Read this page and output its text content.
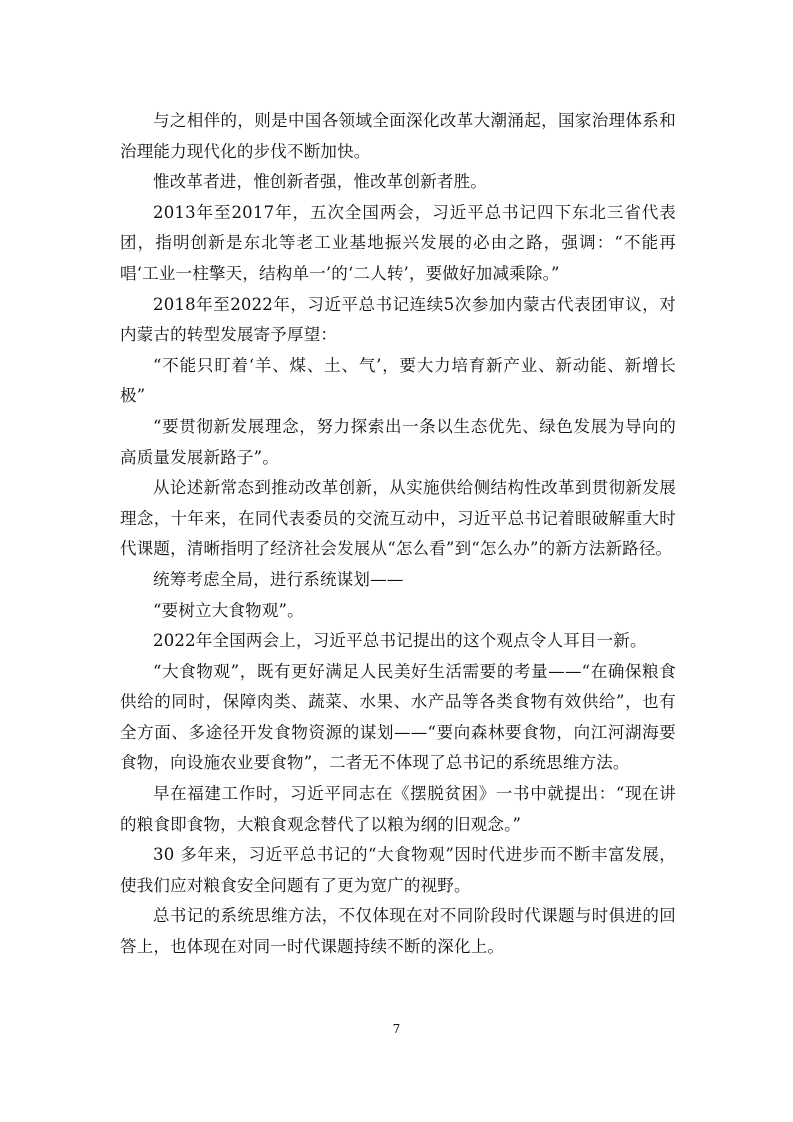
与之相伴的，则是中国各领域全面深化改革大潮涌起，国家治理体系和治理能力现代化的步伐不断加快。

惟改革者进，惟创新者强，惟改革创新者胜。

2013年至2017年，五次全国两会，习近平总书记四下东北三省代表团，指明创新是东北等老工业基地振兴发展的必由之路，强调：“不能再唱‘工业一柱擎天，结构单一’的‘二人转’，要做好加减乘除。”

2018年至2022年，习近平总书记连续5次参加内蒙古代表团审议，对内蒙古的转型发展寄予厚望：

“不能只盯着‘羊、煤、土、气’，要大力培育新产业、新动能、新增长极”

“要贯彻新发展理念，努力探索出一条以生态优先、绿色发展为导向的高质量发展新路子”。

从论述新常态到推动改革创新，从实施供给侧结构性改革到贯彻新发展理念，十年来，在同代表委员的交流互动中，习近平总书记着眼破解重大时代课题，清晰指明了经济社会发展从“怎么看”到“怎么办”的新方法新路径。

统筹考虑全局，进行系统谋划——

“要树立大食物观”。

2022年全国两会上，习近平总书记提出的这个观点令人耳目一新。

“大食物观”，既有更好满足人民美好生活需要的考量——“在确保粮食供给的同时，保障肉类、蔬菜、水果、水产品等各类食物有效供给”，也有全方面、多途径开发食物资源的谋划——“要向森林要食物，向江河湖海要食物，向设施农业要食物”，二者无不体现了总书记的系统思维方法。

早在福建工作时，习近平同志在《摆脱贫困》一书中就提出：“现在讲的粮食即食物，大粮食观念替代了以粮为纲的旧观念。”

30 多年来，习近平总书记的“大食物观”因时代进步而不断丰富发展，使我们应对粮食安全问题有了更为宽广的视野。

总书记的系统思维方法，不仅体现在对不同阶段时代课题与时俱进的回答上，也体现在对同一时代课题持续不断的深化上。

7
